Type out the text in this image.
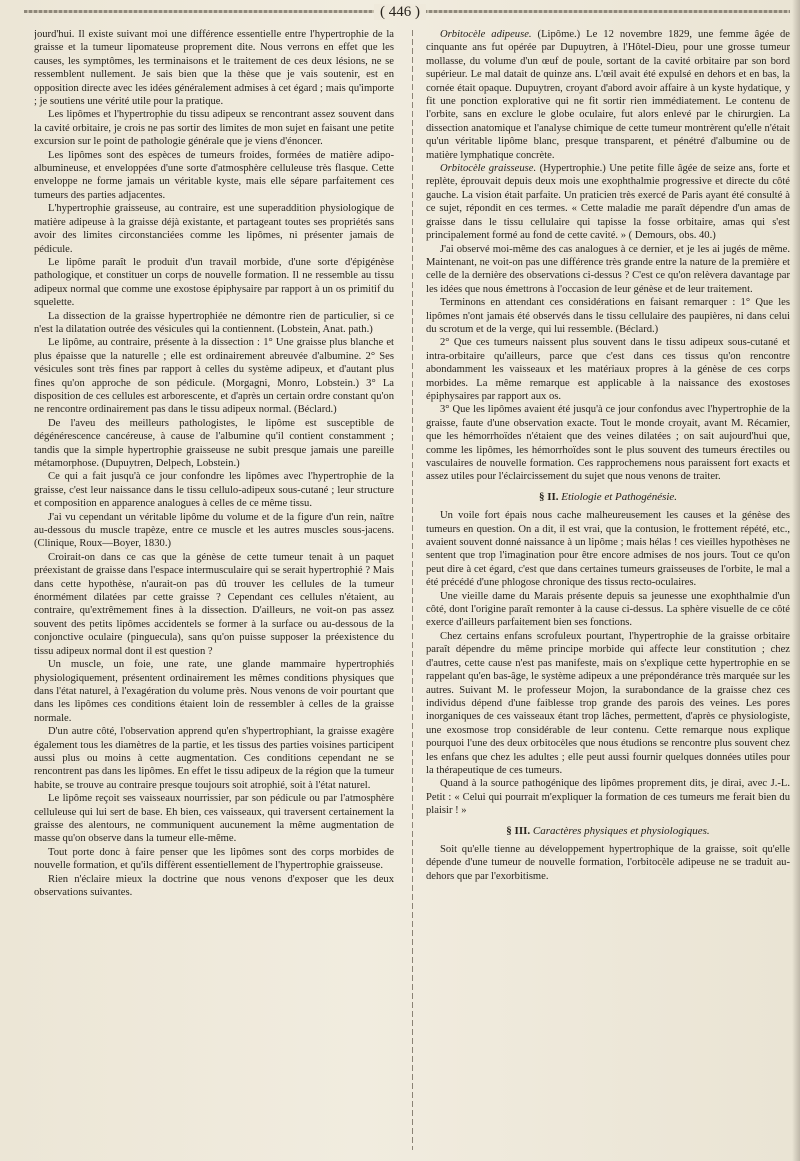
( 446 )

jourd'hui. Il existe suivant moi une différence essentielle entre l'hypertrophie de la graisse et la tumeur lipomateuse proprement dite. Nous verrons en effet que les causes, les symptômes, les terminaisons et le traitement de ces deux lésions, ne se ressemblent nullement. Je sais bien que la thèse que je vais soutenir, est en opposition directe avec les idées généralement admises à cet égard ; mais qu'importe ; je soutiens une vérité utile pour la pratique.

Les lipômes et l'hypertrophie du tissu adipeux se rencontrant assez souvent dans la cavité orbitaire, je crois ne pas sortir des limites de mon sujet en faisant une petite excursion sur le point de pathologie générale que je viens d'énoncer.

Les lipômes sont des espèces de tumeurs froides, formées de matière adipo-albumineuse, et enveloppées d'une sorte d'atmosphère celluleuse très flasque. Cette enveloppe ne forme jamais un véritable kyste, mais elle sépare parfaitement ces tumeurs des parties adjacentes.

L'hypertrophie graisseuse, au contraire, est une superaddition physiologique de matière adipeuse à la graisse déjà existante, et partageant toutes ses propriétés sans avoir des limites circonstanciées comme les lipômes, ni présenter jamais de pédicule.

Le lipôme paraît le produit d'un travail morbide, d'une sorte d'épigénèse pathologique, et constituer un corps de nouvelle formation. Il ne ressemble au tissu adipeux normal que comme une exostose épiphysaire par rapport à un os primitif du squelette.

La dissection de la graisse hypertrophiée ne démontre rien de particulier, si ce n'est la dilatation outrée des vésicules qui la contiennent. (Lobstein, Anat. path.)

Le lipôme, au contraire, présente à la dissection : 1° Une graisse plus blanche et plus épaisse que la naturelle ; elle est ordinairement abreuvée d'albumine. 2° Ses vésicules sont très fines par rapport à celles du système adipeux, et d'autant plus fines qu'on approche de son pédicule. (Morgagni, Monro, Lobstein.) 3° La disposition de ces cellules est arborescente, et d'après un certain ordre constant qu'on ne rencontre ordinairement pas dans le tissu adipeux normal. (Béclard.)

De l'aveu des meilleurs pathologistes, le lipôme est susceptible de dégénérescence cancéreuse, à cause de l'albumine qu'il contient constamment ; tandis que la simple hypertrophie graisseuse ne subit presque jamais une pareille métamorphose. (Dupuytren, Delpech, Lobstein.)

Ce qui a fait jusqu'à ce jour confondre les lipômes avec l'hypertrophie de la graisse, c'est leur naissance dans le tissu cellulo-adipeux sous-cutané ; leur structure et composition en apparence analogues à celles de ce même tissu.

J'ai vu cependant un véritable lipôme du volume et de la figure d'un rein, naître au-dessous du muscle trapèze, entre ce muscle et les autres muscles sous-jacens. (Clinique, Roux—Boyer, 1830.)

Croirait-on dans ce cas que la génèse de cette tumeur tenait à un paquet préexistant de graisse dans l'espace intermusculaire qui se serait hypertrophié ? Mais dans cette hypothèse, n'aurait-on pas dû trouver les cellules de la tumeur énormément dilatées par cette graisse ? Cependant ces cellules n'étaient, au contraire, qu'extrêmement fines à la dissection. D'ailleurs, ne voit-on pas assez souvent des petits lipômes accidentels se former à la surface ou au-dessous de la conjonctive oculaire (pinguecula), sans qu'on puisse supposer la préexistence du tissu adipeux normal dont il est question ?

Un muscle, un foie, une rate, une glande mammaire hypertrophiés physiologiquement, présentent ordinairement les mêmes conditions physiques que dans l'état naturel, à l'exagération du volume près. Nous venons de voir pourtant que dans les lipômes ces conditions étaient loin de ressembler à celles de la graisse normale.

D'un autre côté, l'observation apprend qu'en s'hypertrophiant, la graisse exagère également tous les diamètres de la partie, et les tissus des parties voisines participent aussi plus ou moins à cette augmentation. Ces conditions cependant ne se rencontrent pas dans les lipômes. En effet le tissu adipeux de la région que la tumeur habite, se trouve au contraire presque toujours soit atrophié, soit à l'état naturel.

Le lipôme reçoit ses vaisseaux nourrissier, par son pédicule ou par l'atmosphère celluleuse qui lui sert de base. Eh bien, ces vaisseaux, qui traversent certainement la graisse des alentours, ne communiquent aucunement la même augmentation de masse qu'on observe dans la tumeur elle-même.

Tout porte donc à faire penser que les lipômes sont des corps morbides de nouvelle formation, et qu'ils diffèrent essentiellement de l'hypertrophie graisseuse.

Rien n'éclaire mieux la doctrine que nous venons d'exposer que les deux observations suivantes.

Orbitocèle adipeuse. (Lipôme.) Le 12 novembre 1829, une femme âgée de cinquante ans fut opérée par Dupuytren, à l'Hôtel-Dieu, pour une grosse tumeur mollasse, du volume d'un œuf de poule, sortant de la cavité orbitaire par son bord supérieur. Le mal datait de quinze ans. L'œil avait été expulsé en dehors et en bas, la cornée était opaque. Dupuytren, croyant d'abord avoir affaire à un kyste hydatique, y fit une ponction explorative qui ne fit sortir rien immédiatement. Le contenu de l'orbite, sans en exclure le globe oculaire, fut alors enlevé par le chirurgien. La dissection anatomique et l'analyse chimique de cette tumeur montrèrent qu'elle n'était qu'un véritable lipôme blanc, presque transparent, et pénétré d'albumine ou de matière lymphatique concrète.

Orbitocèle graisseuse. (Hypertrophie.) Une petite fille âgée de seize ans, forte et replète, éprouvait depuis deux mois une exophthalmie progressive et directe du côté gauche. La vision était parfaite. Un praticien très exercé de Paris ayant été consulté à ce sujet, répondit en ces termes. « Cette maladie me paraît dépendre d'un amas de graisse dans le tissu cellulaire qui tapisse la fosse orbitaire, amas qui s'est principalement formé au fond de cette cavité. » ( Demours, obs. 40.)

J'ai observé moi-même des cas analogues à ce dernier, et je les ai jugés de même. Maintenant, ne voit-on pas une différence très grande entre la nature de la première et celle de la dernière des observations ci-dessus ? C'est ce qu'on relèvera davantage par les idées que nous émettrons à l'occasion de leur génèse et de leur traitement.

Terminons en attendant ces considérations en faisant remarquer : 1° Que les lipômes n'ont jamais été observés dans le tissu cellulaire des paupières, ni dans celui du scrotum et de la verge, qui lui ressemble. (Béclard.)

2° Que ces tumeurs naissent plus souvent dans le tissu adipeux sous-cutané et intra-orbitaire qu'ailleurs, parce que c'est dans ces tissus qu'on rencontre abondamment les vaisseaux et les matériaux propres à la génèse de ces corps morbides. La même remarque est applicable à la naissance des exostoses épiphysaires par rapport aux os.

3° Que les lipômes avaient été jusqu'à ce jour confondus avec l'hypertrophie de la graisse, faute d'une observation exacte. Tout le monde croyait, avant M. Récamier, que les hémorrhoïdes n'étaient que des veines dilatées ; on sait aujourd'hui que, comme les lipômes, les hémorrhoïdes sont le plus souvent des tumeurs érectiles ou vasculaires de nouvelle formation. Ces rapprochemens nous paraissent fort exacts et assez utiles pour l'éclaircissement du sujet que nous venons de traiter.

§ II. Etiologie et Pathogénésie.

Un voile fort épais nous cache malheureusement les causes et la génèse des tumeurs en question. On a dit, il est vrai, que la contusion, le frottement répété, etc., avaient souvent donné naissance à un lipôme ; mais hélas ! ces vieilles hypothèses ne sentent que trop l'imagination pour être encore admises de nos jours. Tout ce qu'on peut dire à cet égard, c'est que dans certaines tumeurs graisseuses de l'orbite, le mal a été précédé d'une phlogose chronique des tissus recto-oculaires.

Une vieille dame du Marais présente depuis sa jeunesse une exophthalmie d'un côté, dont l'origine paraît remonter à la cause ci-dessus. La sphère visuelle de ce côté exerce d'ailleurs parfaitement bien ses fonctions.

Chez certains enfans scrofuleux pourtant, l'hypertrophie de la graisse orbitaire paraît dépendre du même principe morbide qui affecte leur constitution ; chez d'autres, cette cause n'est pas manifeste, mais on s'explique cette hypertrophie en se rappelant qu'en bas-âge, le système adipeux a une prépondérance très marquée sur les autres. Suivant M. le professeur Mojon, la surabondance de la graisse chez ces individus dépend d'une faiblesse trop grande des parois des veines. Les pores inorganiques de ces vaisseaux étant trop lâches, permettent, d'après ce physiologiste, une exosmose trop considérable de leur contenu. Cette remarque nous explique pourquoi l'une des deux orbitocèles que nous étudions se rencontre plus souvent chez les enfans que chez les adultes ; elle peut aussi fournir quelques données utiles pour la thérapeutique de ces tumeurs.

Quand à la source pathogénique des lipômes proprement dits, je dirai, avec J.-L. Petit : « Celui qui pourrait m'expliquer la formation de ces tumeurs me ferait bien du plaisir ! »

§ III. Caractères physiques et physiologiques.

Soit qu'elle tienne au développement hypertrophique de la graisse, soit qu'elle dépende d'une tumeur de nouvelle formation, l'orbitocèle adipeuse ne se traduit au-dehors que par l'exorbitisme.
